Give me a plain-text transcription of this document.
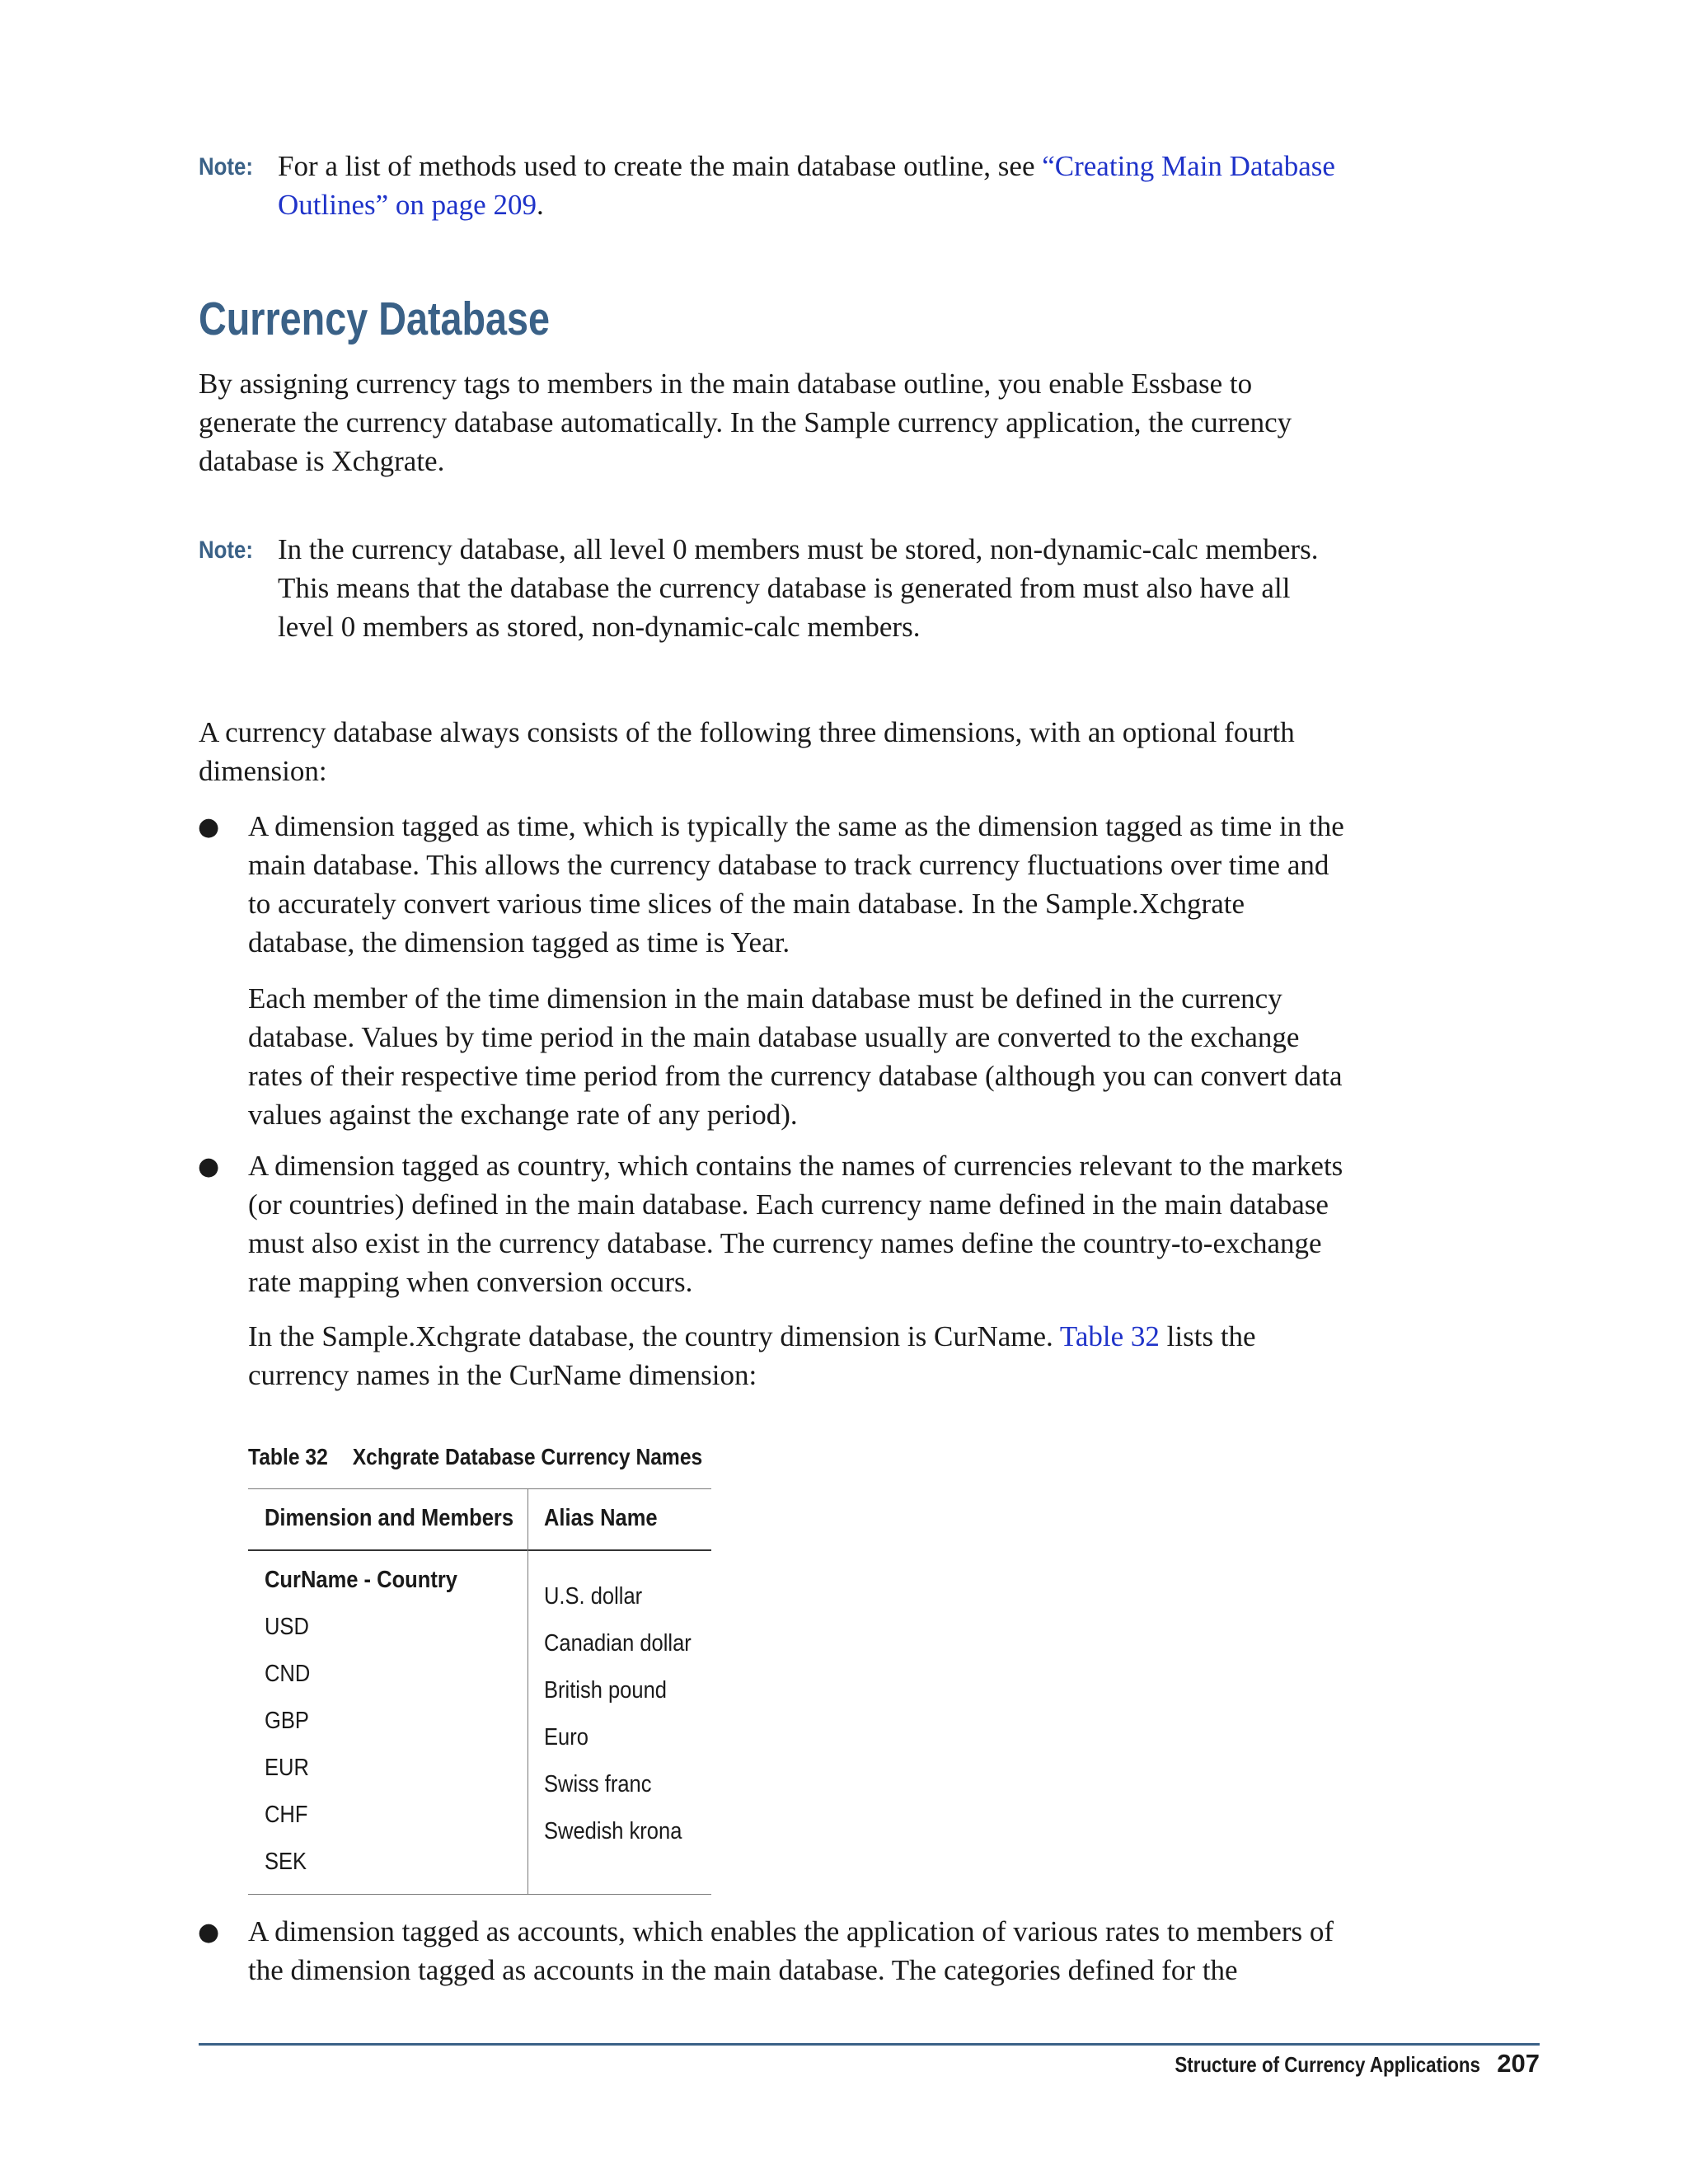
Note: For a list of methods used to create the main database outline, see “Creating Main Database Outlines” on page 209.
Currency Database
By assigning currency tags to members in the main database outline, you enable Essbase to generate the currency database automatically. In the Sample currency application, the currency database is Xchgrate.
Note: In the currency database, all level 0 members must be stored, non-dynamic-calc members. This means that the database the currency database is generated from must also have all level 0 members as stored, non-dynamic-calc members.
A currency database always consists of the following three dimensions, with an optional fourth dimension:
● A dimension tagged as time, which is typically the same as the dimension tagged as time in the main database. This allows the currency database to track currency fluctuations over time and to accurately convert various time slices of the main database. In the Sample.Xchgrate database, the dimension tagged as time is Year.
Each member of the time dimension in the main database must be defined in the currency database. Values by time period in the main database usually are converted to the exchange rates of their respective time period from the currency database (although you can convert data values against the exchange rate of any period).
● A dimension tagged as country, which contains the names of currencies relevant to the markets (or countries) defined in the main database. Each currency name defined in the main database must also exist in the currency database. The currency names define the country-to-exchange rate mapping when conversion occurs.
In the Sample.Xchgrate database, the country dimension is CurName. Table 32 lists the currency names in the CurName dimension:
Table 32 Xchgrate Database Currency Names
Dimension and Members Alias Name
CurName - Country
USD
CND
GBP
EUR
CHF
SEK
U.S. dollar
Canadian dollar
British pound
Euro
Swiss franc
Swedish krona
● A dimension tagged as accounts, which enables the application of various rates to members of the dimension tagged as accounts in the main database. The categories defined for the
Structure of Currency Applications 207
